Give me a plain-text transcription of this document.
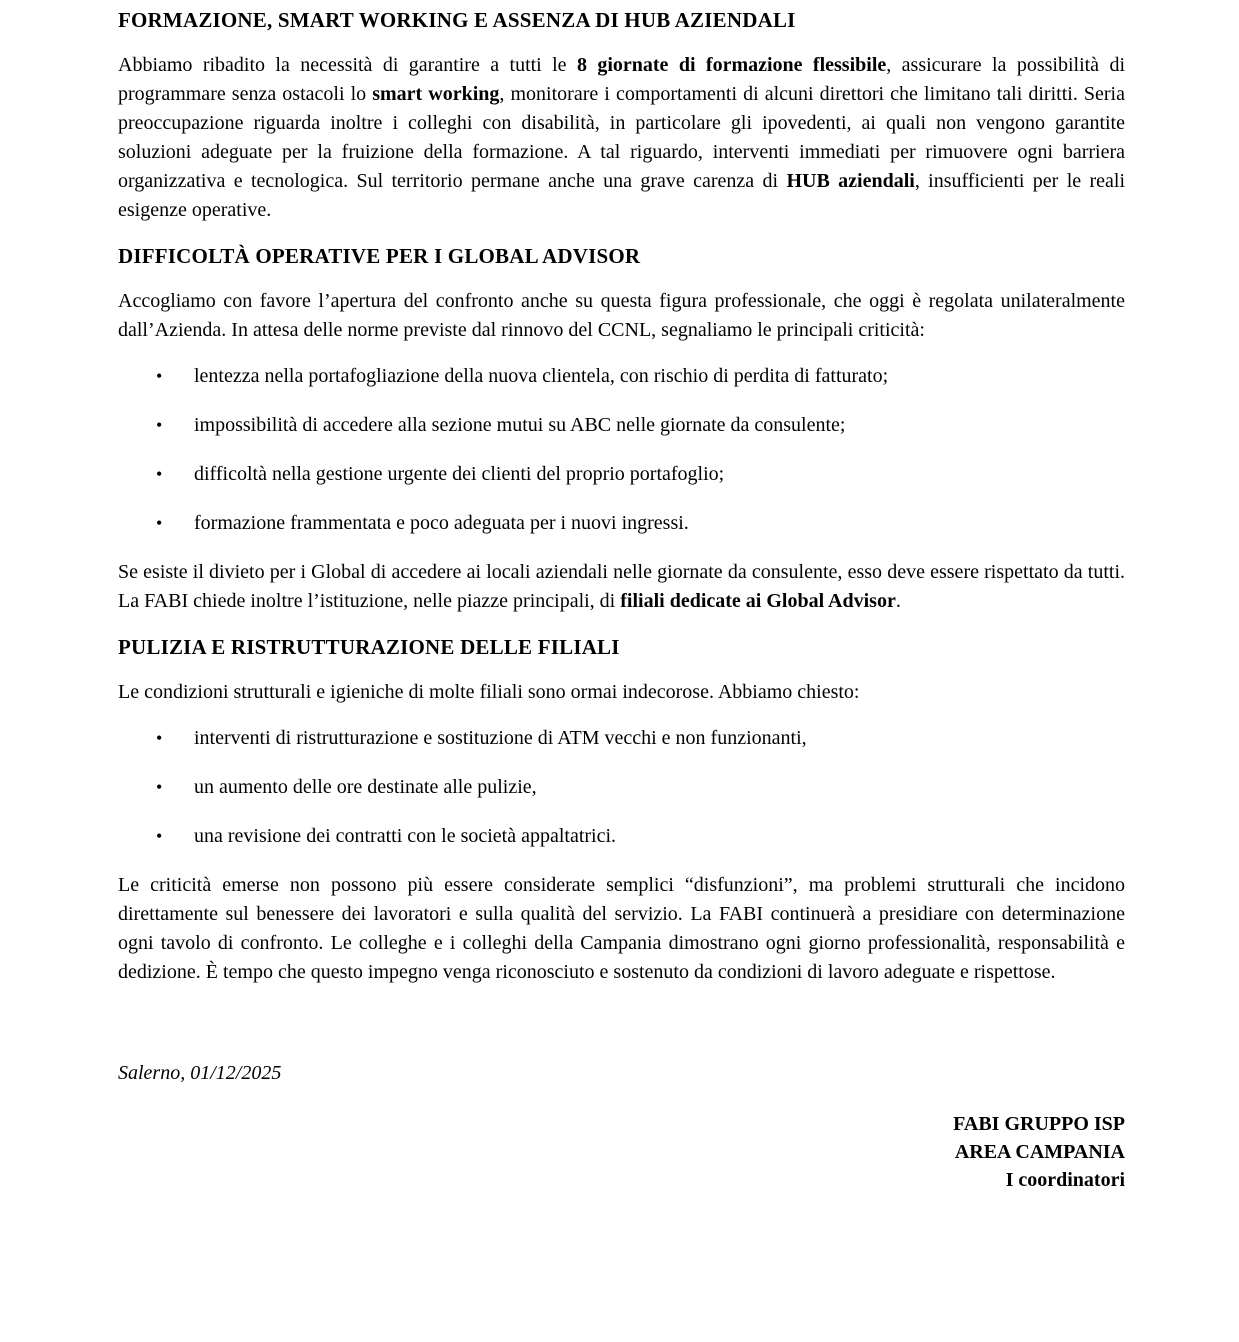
FORMAZIONE, SMART WORKING E ASSENZA DI HUB AZIENDALI

Abbiamo ribadito la necessità di garantire a tutti le 8 giornate di formazione flessibile, assicurare la possibilità di programmare senza ostacoli lo smart working, monitorare i comportamenti di alcuni direttori che limitano tali diritti. Seria preoccupazione riguarda inoltre i colleghi con disabilità, in particolare gli ipovedenti, ai quali non vengono garantite soluzioni adeguate per la fruizione della formazione. A tal riguardo, interventi immediati per rimuovere ogni barriera organizzativa e tecnologica. Sul territorio permane anche una grave carenza di HUB aziendali, insufficienti per le reali esigenze operative.

DIFFICOLTÀ OPERATIVE PER I GLOBAL ADVISOR

Accogliamo con favore l’apertura del confronto anche su questa figura professionale, che oggi è regolata unilateralmente dall’Azienda. In attesa delle norme previste dal rinnovo del CCNL, segnaliamo le principali criticità:

•	lentezza nella portafogliazione della nuova clientela, con rischio di perdita di fatturato;
•	impossibilità di accedere alla sezione mutui su ABC nelle giornate da consulente;
•	difficoltà nella gestione urgente dei clienti del proprio portafoglio;
•	formazione frammentata e poco adeguata per i nuovi ingressi.

Se esiste il divieto per i Global di accedere ai locali aziendali nelle giornate da consulente, esso deve essere rispettato da tutti. La FABI chiede inoltre l’istituzione, nelle piazze principali, di filiali dedicate ai Global Advisor.

PULIZIA E RISTRUTTURAZIONE DELLE FILIALI

Le condizioni strutturali e igieniche di molte filiali sono ormai indecorose. Abbiamo chiesto:

•	interventi di ristrutturazione e sostituzione di ATM vecchi e non funzionanti,
•	un aumento delle ore destinate alle pulizie,
•	una revisione dei contratti con le società appaltatrici.

Le criticità emerse non possono più essere considerate semplici “disfunzioni”, ma problemi strutturali che incidono direttamente sul benessere dei lavoratori e sulla qualità del servizio. La FABI continuerà a presidiare con determinazione ogni tavolo di confronto. Le colleghe e i colleghi della Campania dimostrano ogni giorno professionalità, responsabilità e dedizione. È tempo che questo impegno venga riconosciuto e sostenuto da condizioni di lavoro adeguate e rispettose.

Salerno, 01/12/2025
FABI GRUPPO ISP
AREA CAMPANIA
I coordinatori
